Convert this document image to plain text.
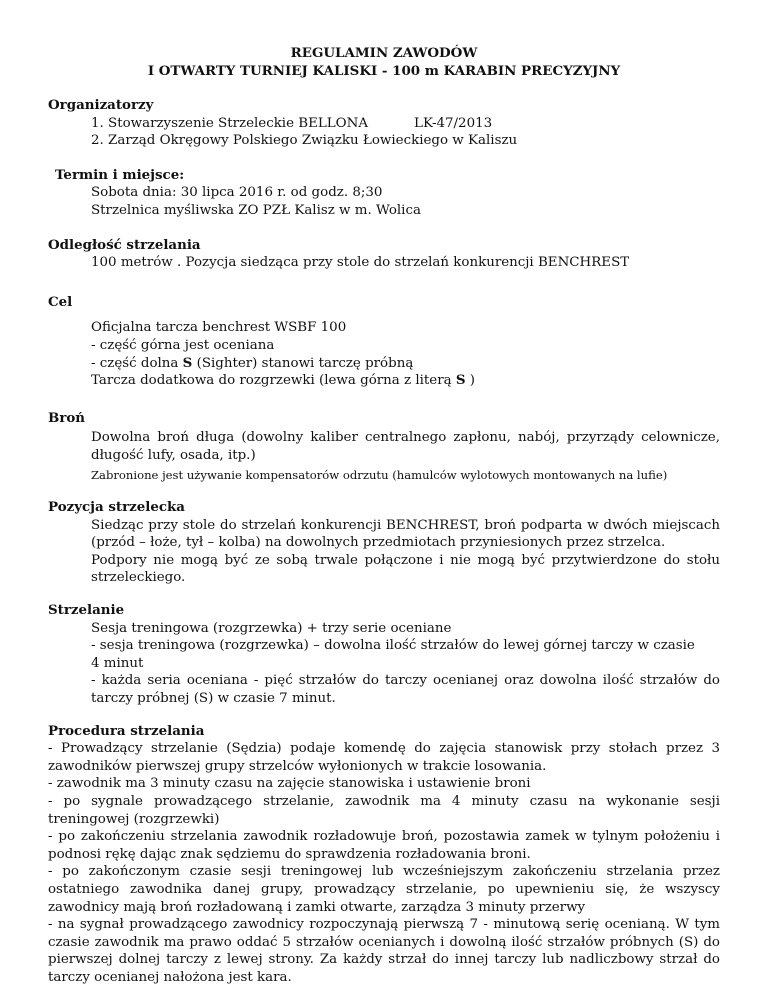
REGULAMIN ZAWODÓW
I OTWARTY TURNIEJ KALISKI - 100 m KARABIN PRECYZYJNY
Organizatorzy
1. Stowarzyszenie Strzeleckie BELLONA	LK-47/2013
2. Zarząd Okręgowy Polskiego Związku Łowieckiego w Kaliszu
Termin i miejsce:
Sobota dnia: 30 lipca 2016 r. od godz. 8;30
Strzelnica myśliwska ZO PZŁ Kalisz w m. Wolica
Odległość strzelania
100 metrów . Pozycja siedząca przy stole do strzelań konkurencji BENCHREST
Cel
Oficjalna tarcza benchrest WSBF 100
- część górna jest oceniana
- część dolna S (Sighter) stanowi tarczę próbną
Tarcza dodatkowa do rozgrzewki (lewa górna z literą S )
Broń
Dowolna broń długa (dowolny kaliber centralnego zapłonu, nabój, przyrządy celownicze, długość lufy, osada, itp.)
Zabronione jest używanie kompensatorów odrzutu (hamulców wylotowych montowanych na lufie)
Pozycja strzelecka
Siedząc przy stole do strzelań konkurencji BENCHREST, broń podparta w dwóch miejscach (przód – łoże, tył – kolba) na dowolnych przedmiotach przyniesionych przez strzelca.
Podpory nie mogą być ze sobą trwale połączone i nie mogą być przytwierdzone do stołu strzeleckiego.
Strzelanie
Sesja treningowa (rozgrzewka) + trzy serie oceniane
- sesja treningowa (rozgrzewka) – dowolna ilość strzałów do lewej górnej tarczy w czasie
4 minut
- każda seria oceniana - pięć strzałów do tarczy ocenianej oraz dowolna ilość strzałów do tarczy próbnej (S) w czasie 7 minut.
Procedura strzelania

- Prowadzący strzelanie (Sędzia) podaje komendę do zajęcia stanowisk przy stołach przez 3 zawodników pierwszej grupy strzelców wyłonionych w trakcie losowania.

- zawodnik ma 3 minuty czasu na zajęcie stanowiska i ustawienie broni

- po sygnale prowadzącego strzelanie, zawodnik ma 4 minuty czasu na wykonanie sesji treningowej (rozgrzewki)

- po zakończeniu strzelania zawodnik rozładowuje broń, pozostawia zamek w tylnym położeniu i podnosi rękę dając znak sędziemu do sprawdzenia rozładowania broni.

- po zakończonym czasie sesji treningowej lub wcześniejszym zakończeniu strzelania przez ostatniego zawodnika danej grupy, prowadzący strzelanie, po upewnieniu się, że wszyscy zawodnicy mają broń rozładowaną i zamki otwarte, zarządza 3 minuty przerwy

- na sygnał prowadzącego zawodnicy rozpoczynają pierwszą 7 - minutową serię ocenianą. W tym czasie zawodnik ma prawo oddać 5 strzałów ocenianych i dowolną ilość strzałów próbnych (S) do pierwszej dolnej tarczy z lewej strony. Za każdy strzał do innej tarczy lub nadliczbowy strzał do tarczy ocenianej nałożona jest kara.
